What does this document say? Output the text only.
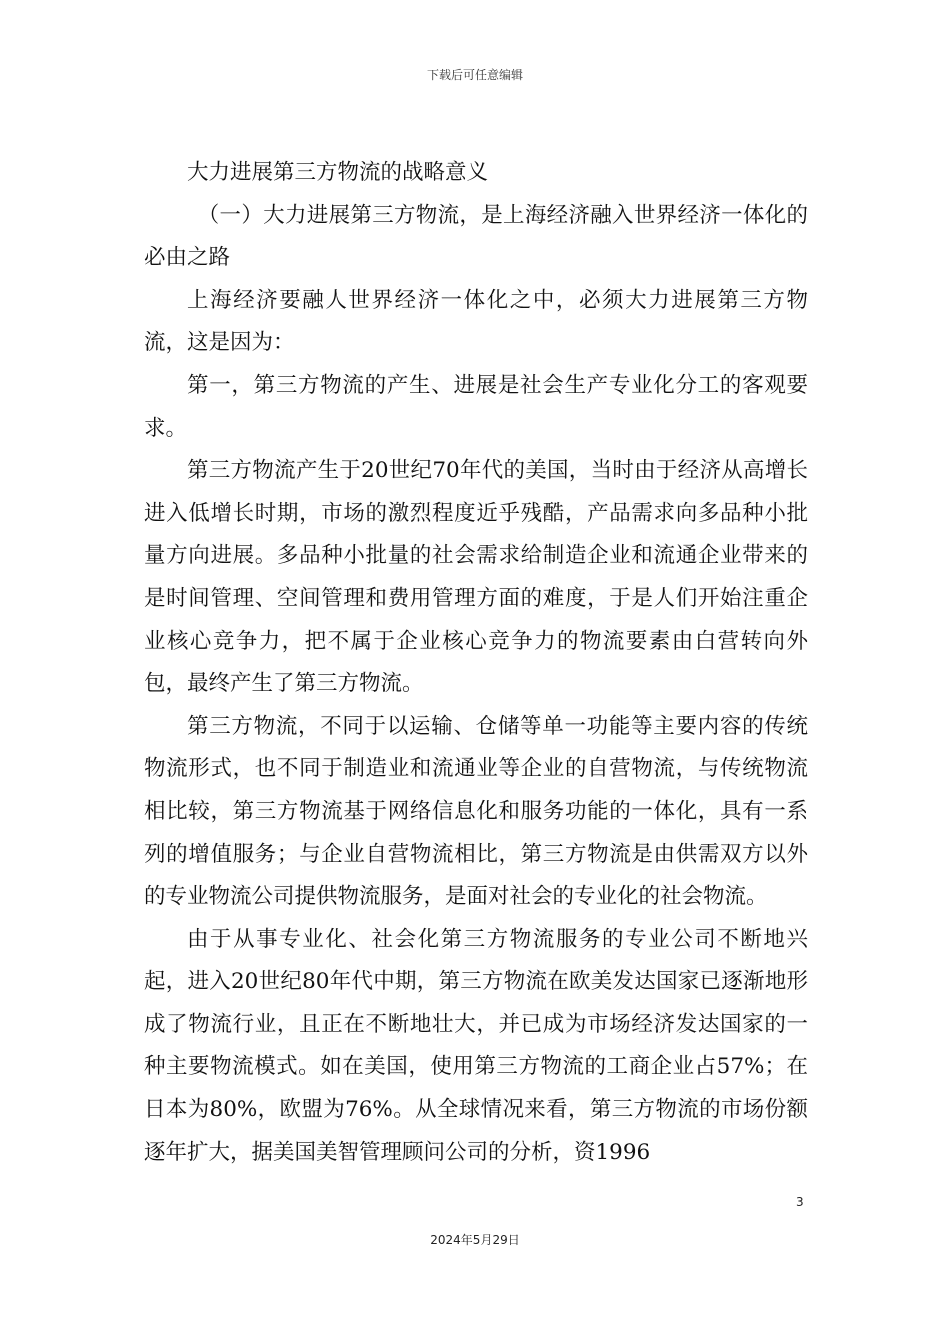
下载后可任意编辑

大力进展第三方物流的战略意义

（一）大力进展第三方物流，是上海经济融入世界经济一体化的必由之路

上海经济要融人世界经济一体化之中，必须大力进展第三方物流，这是因为：

第一，第三方物流的产生、进展是社会生产专业化分工的客观要求。

第三方物流产生于20世纪70年代的美国，当时由于经济从高增长进入低增长时期，市场的激烈程度近乎残酷，产品需求向多品种小批量方向进展。多品种小批量的社会需求给制造企业和流通企业带来的是时间管理、空间管理和费用管理方面的难度，于是人们开始注重企业核心竞争力，把不属于企业核心竞争力的物流要素由白营转向外包，最终产生了第三方物流。

第三方物流，不同于以运输、仓储等单一功能等主要内容的传统物流形式，也不同于制造业和流通业等企业的自营物流，与传统物流相比较，第三方物流基于网络信息化和服务功能的一体化，具有一系列的增值服务；与企业自营物流相比，第三方物流是由供需双方以外的专业物流公司提供物流服务，是面对社会的专业化的社会物流。

由于从事专业化、社会化第三方物流服务的专业公司不断地兴起，进入20世纪80年代中期，第三方物流在欧美发达国家已逐渐地形成了物流行业，且正在不断地壮大，并已成为市场经济发达国家的一种主要物流模式。如在美国，使用第三方物流的工商企业占57%；在日本为80%，欧盟为76%。从全球情况来看，第三方物流的市场份额逐年扩大，据美国美智管理顾问公司的分析，资1996

3
2024年5月29日
